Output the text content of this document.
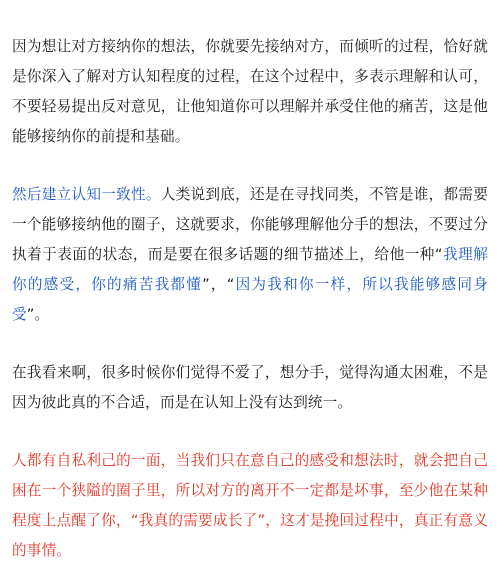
因为想让对方接纳你的想法，你就要先接纳对方，而倾听的过程，恰好就是你深入了解对方认知程度的过程，在这个过程中，多表示理解和认可，不要轻易提出反对意见，让他知道你可以理解并承受住他的痛苦，这是他能够接纳你的前提和基础。

然后建立认知一致性。人类说到底，还是在寻找同类，不管是谁，都需要一个能够接纳他的圈子，这就要求，你能够理解他分手的想法，不要过分执着于表面的状态，而是要在很多话题的细节描述上，给他一种“我理解你的感受，你的痛苦我都懂”，“因为我和你一样，所以我能够感同身受”。

在我看来啊，很多时候你们觉得不爱了，想分手，觉得沟通太困难，不是因为彼此真的不合适，而是在认知上没有达到统一。

人都有自私利己的一面，当我们只在意自己的感受和想法时，就会把自己困在一个狭隘的圈子里，所以对方的离开不一定都是坏事，至少他在某种程度上点醒了你，“我真的需要成长了”，这才是挽回过程中，真正有意义的事情。
